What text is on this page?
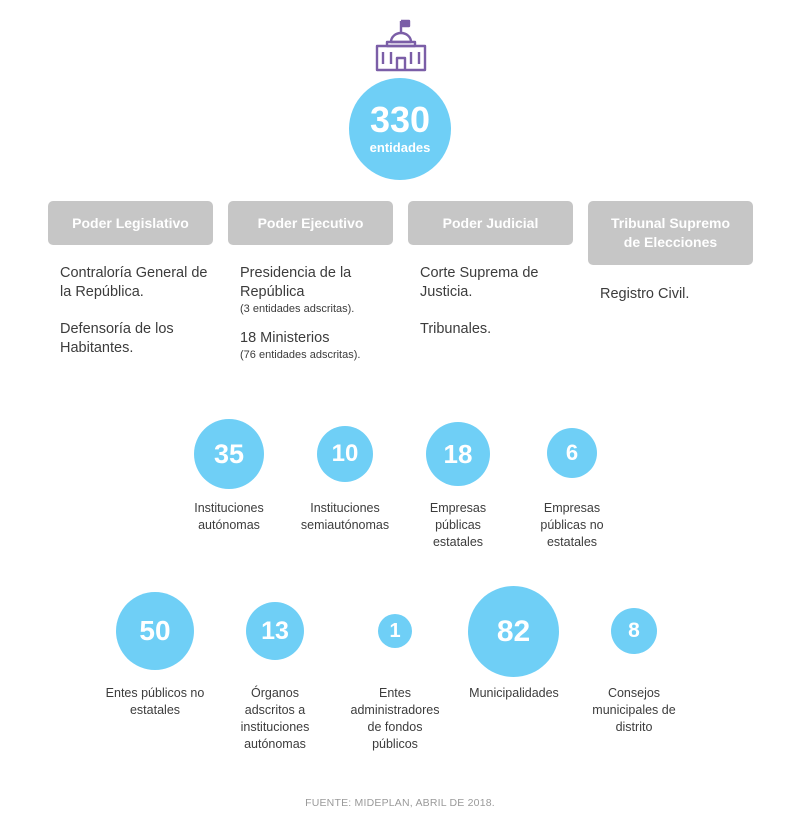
330
entidades
Poder Legislativo	Poder Ejecutivo	Poder Judicial	Tribunal Supremo de Elecciones

Contraloría General de la República.

Defensoría de los Habitantes.

Presidencia de la República
(3 entidades adscritas).

18 Ministerios
(76 entidades adscritas).

Corte Suprema de Justicia.

Tribunales.

Registro Civil.

35
Instituciones autónomas
10
Instituciones semiautónomas
18
Empresas públicas estatales
6
Empresas públicas no estatales
50
Entes públicos no estatales
13
Órganos adscritos a instituciones autónomas
1
Entes administradores de fondos públicos
82
Municipalidades
8
Consejos municipales de distrito
FUENTE: MIDEPLAN, ABRIL DE 2018.
